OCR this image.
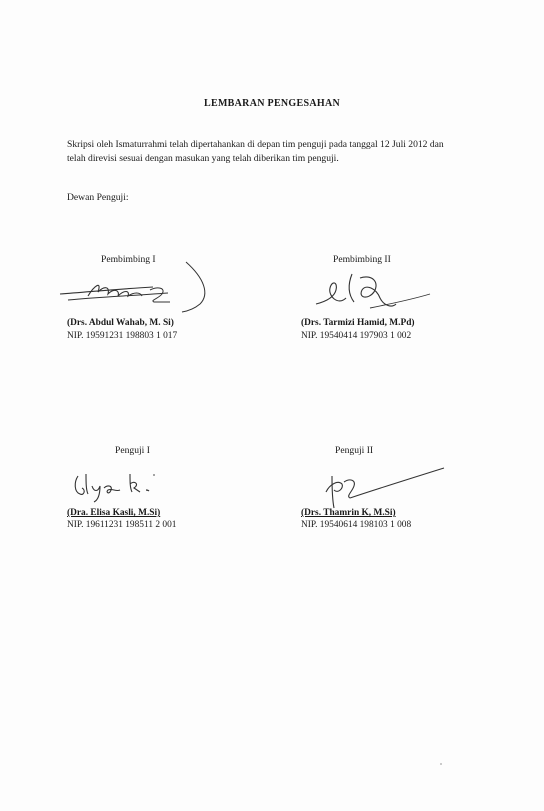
LEMBARAN PENGESAHAN
Skripsi oleh Ismaturrahmi telah dipertahankan di depan tim penguji pada tanggal 12 Juli 2012 dan telah direvisi sesuai dengan masukan yang telah diberikan tim penguji.
Dewan Penguji:
Pembimbing I
(Drs. Abdul Wahab, M. Si)
NIP. 19591231 198803 1 017
Pembimbing II
(Drs. Tarmizi Hamid, M.Pd)
NIP. 19540414 197903 1 002
Penguji I
(Dra. Elisa Kasli, M.Si)
NIP. 19611231 198511 2 001
Penguji II
(Drs. Thamrin K, M.Si)
NIP. 19540614 198103 1 008
